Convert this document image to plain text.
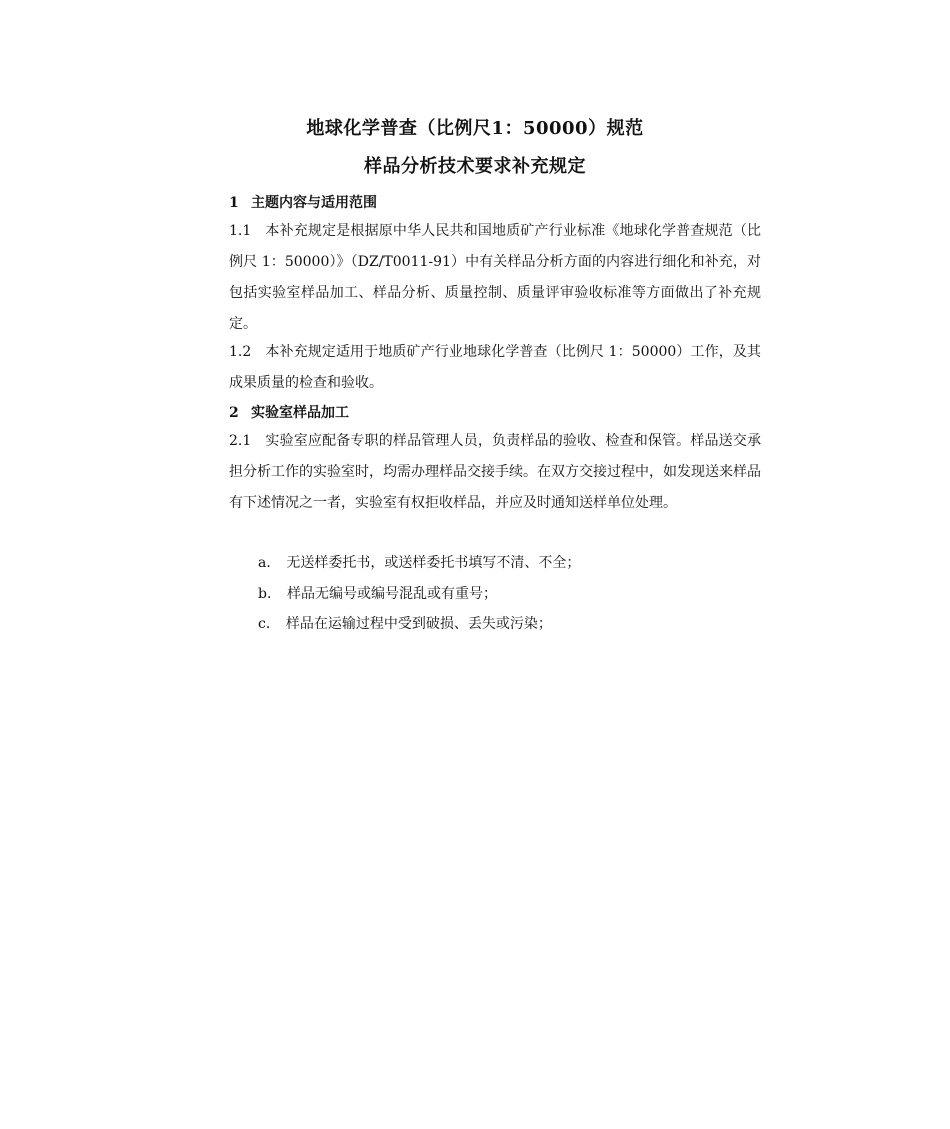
地球化学普查（比例尺1：50000）规范
样品分析技术要求补充规定
1 主题内容与适用范围
1.1 本补充规定是根据原中华人民共和国地质矿产行业标准《地球化学普查规范（比例尺 1：50000）》（DZ/T0011-91）中有关样品分析方面的内容进行细化和补充，对包括实验室样品加工、样品分析、质量控制、质量评审验收标准等方面做出了补充规定。
1.2 本补充规定适用于地质矿产行业地球化学普查（比例尺 1：50000）工作，及其成果质量的检查和验收。
2 实验室样品加工
2.1 实验室应配备专职的样品管理人员，负责样品的验收、检查和保管。样品送交承担分析工作的实验室时，均需办理样品交接手续。在双方交接过程中，如发现送来样品有下述情况之一者，实验室有权拒收样品，并应及时通知送样单位处理。
a． 无送样委托书，或送样委托书填写不清、不全；
b． 样品无编号或编号混乱或有重号；
c． 样品在运输过程中受到破损、丢失或污染；
